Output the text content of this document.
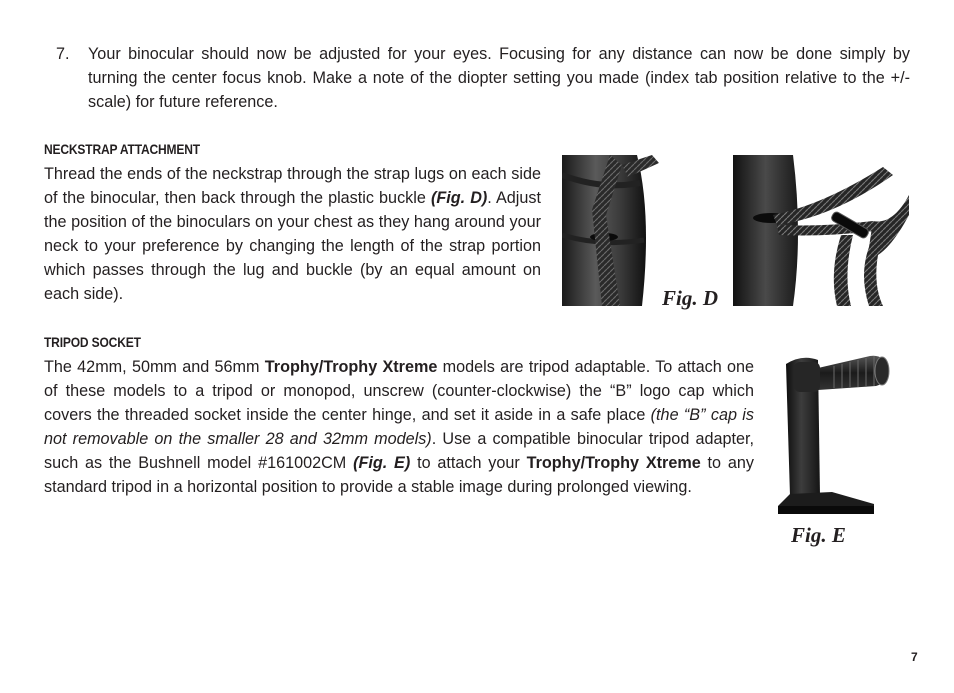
7. Your binocular should now be adjusted for your eyes. Focusing for any distance can now be done simply by turning the center focus knob. Make a note of the diopter setting you made (index tab position relative to the +/- scale) for future reference.
NECKSTRAP ATTACHMENT
Thread the ends of the neckstrap through the strap lugs on each side of the binocular, then back through the plastic buckle (Fig. D). Adjust the position of the binoculars on your chest as they hang around your neck to your preference by changing the length of the strap portion which passes through the lug and buckle (by an equal amount on each side).	Fig. D
TRIPOD SOCKET
The 42mm, 50mm and 56mm Trophy/Trophy Xtreme models are tripod adaptable. To attach one of these models to a tripod or monopod, unscrew (counter-clockwise) the “B” logo cap which covers the threaded socket inside the center hinge, and set it aside in a safe place (the “B” cap is not removable on the smaller 28 and 32mm models). Use a compatible binocular tripod adapter, such as the Bushnell model #161002CM (Fig. E) to attach your Trophy/Trophy Xtreme to any standard tripod in a horizontal position to provide a stable image during prolonged viewing.
Fig. E
7
